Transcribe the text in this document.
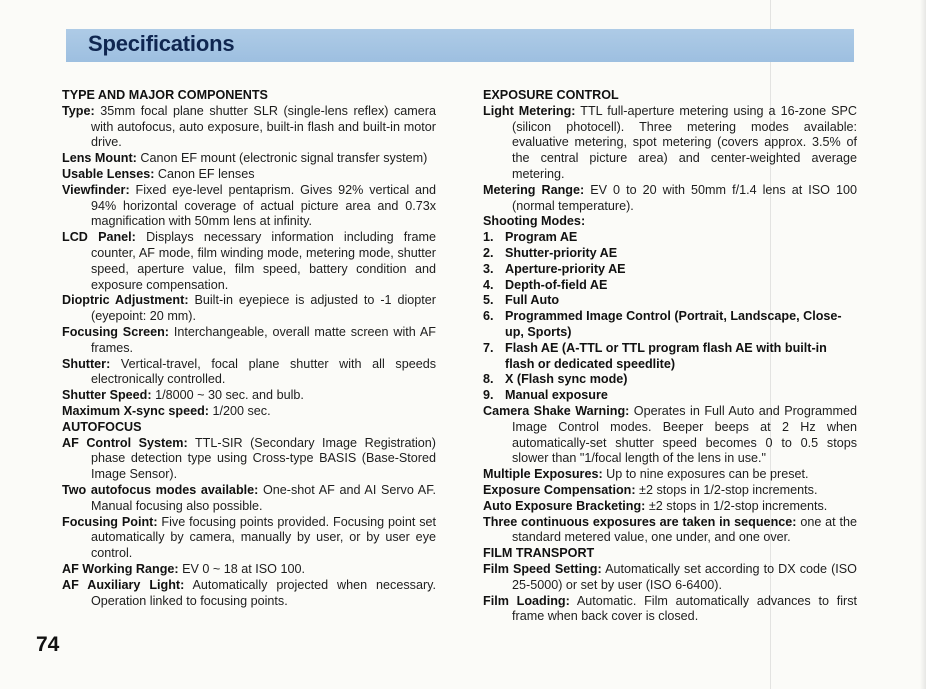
Specifications
TYPE AND MAJOR COMPONENTS
Type: 35mm focal plane shutter SLR (single-lens reflex) camera with autofocus, auto exposure, built-in flash and built-in motor drive.
Lens Mount: Canon EF mount (electronic signal transfer system)
Usable Lenses: Canon EF lenses
Viewfinder: Fixed eye-level pentaprism. Gives 92% vertical and 94% horizontal coverage of actual picture area and 0.73x magnification with 50mm lens at infinity.
LCD Panel: Displays necessary information including frame counter, AF mode, film winding mode, metering mode, shutter speed, aperture value, film speed, battery condition and exposure compensation.
Dioptric Adjustment: Built-in eyepiece is adjusted to -1 diopter (eyepoint: 20 mm).
Focusing Screen: Interchangeable, overall matte screen with AF frames.
Shutter: Vertical-travel, focal plane shutter with all speeds electronically controlled.
Shutter Speed: 1/8000 ~ 30 sec. and bulb.
Maximum X-sync speed: 1/200 sec.
AUTOFOCUS
AF Control System: TTL-SIR (Secondary Image Registration) phase detection type using Cross-type BASIS (Base-Stored Image Sensor).
Two autofocus modes available: One-shot AF and AI Servo AF. Manual focusing also possible.
Focusing Point: Five focusing points provided. Focusing point set automatically by camera, manually by user, or by user eye control.
AF Working Range: EV 0 ~ 18 at ISO 100.
AF Auxiliary Light: Automatically projected when necessary. Operation linked to focusing points.
EXPOSURE CONTROL
Light Metering: TTL full-aperture metering using a 16-zone SPC (silicon photocell). Three metering modes available: evaluative metering, spot metering (covers approx. 3.5% of the central picture area) and center-weighted average metering.
Metering Range: EV 0 to 20 with 50mm f/1.4 lens at ISO 100 (normal temperature).
Shooting Modes:
1. Program AE
2. Shutter-priority AE
3. Aperture-priority AE
4. Depth-of-field AE
5. Full Auto
6. Programmed Image Control (Portrait, Landscape, Close-up, Sports)
7. Flash AE (A-TTL or TTL program flash AE with built-in flash or dedicated speedlite)
8. X (Flash sync mode)
9. Manual exposure
Camera Shake Warning: Operates in Full Auto and Programmed Image Control modes. Beeper beeps at 2 Hz when automatically-set shutter speed becomes 0 to 0.5 stops slower than "1/focal length of the lens in use."
Multiple Exposures: Up to nine exposures can be preset.
Exposure Compensation: ±2 stops in 1/2-stop increments.
Auto Exposure Bracketing: ±2 stops in 1/2-stop increments.
Three continuous exposures are taken in sequence: one at the standard metered value, one under, and one over.
FILM TRANSPORT
Film Speed Setting: Automatically set according to DX code (ISO 25-5000) or set by user (ISO 6-6400).
Film Loading: Automatic. Film automatically advances to first frame when back cover is closed.
74
